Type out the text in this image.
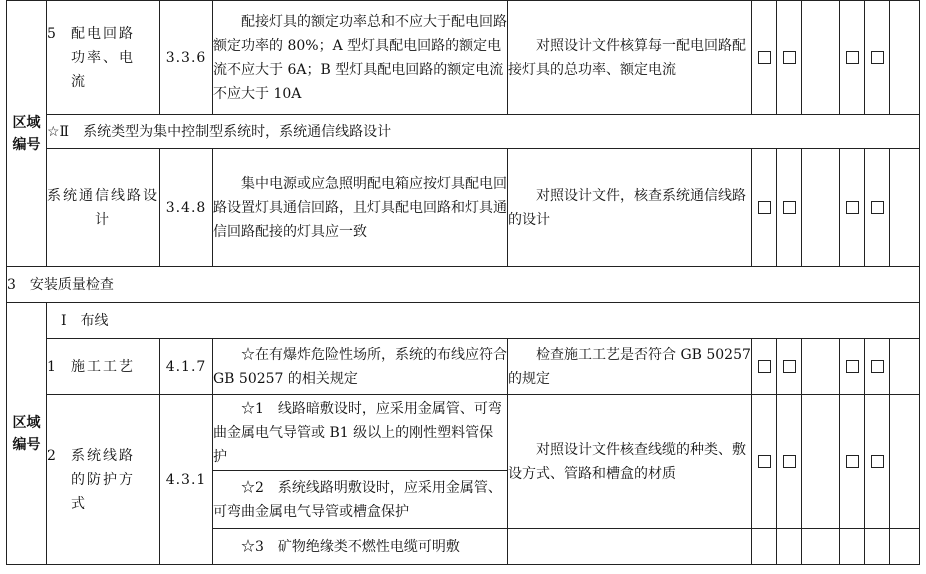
区域编号	5 配电回路功率、电流	3.3.6	配接灯具的额定功率总和不应大于配电回路额定功率的 80%；A 型灯具配电回路的额定电流不应大于 6A；B 型灯具配电回路的额定电流不应大于 10A	对照设计文件核算每一配电回路配接灯具的总功率、额定电流						
	☆Ⅱ　系统类型为集中控制型系统时，系统通信线路设计									
	系统通信线路设计	3.4.8	集中电源或应急照明配电箱应按灯具配电回路设置灯具通信回路，且灯具配电回路和灯具通信回路配接的灯具应一致	对照设计文件，核查系统通信线路的设计						
3　安装质量检查										
区域编号	Ⅰ　布线									
	1 施工工艺	4.1.7	☆在有爆炸危险性场所，系统的布线应符合 GB 50257 的相关规定	检查施工工艺是否符合 GB 50257 的规定						
	2 系统线路的防护方式	4.3.1	☆1　线路暗敷设时，应采用金属管、可弯曲金属电气导管或 B1 级以上的刚性塑料管保护	对照设计文件核查线缆的种类、敷设方式、管路和槽盒的材质						
			☆2　系统线路明敷设时，应采用金属管、可弯曲金属电气导管或槽盒保护							
			☆3　矿物绝缘类不燃性电缆可明敷							
